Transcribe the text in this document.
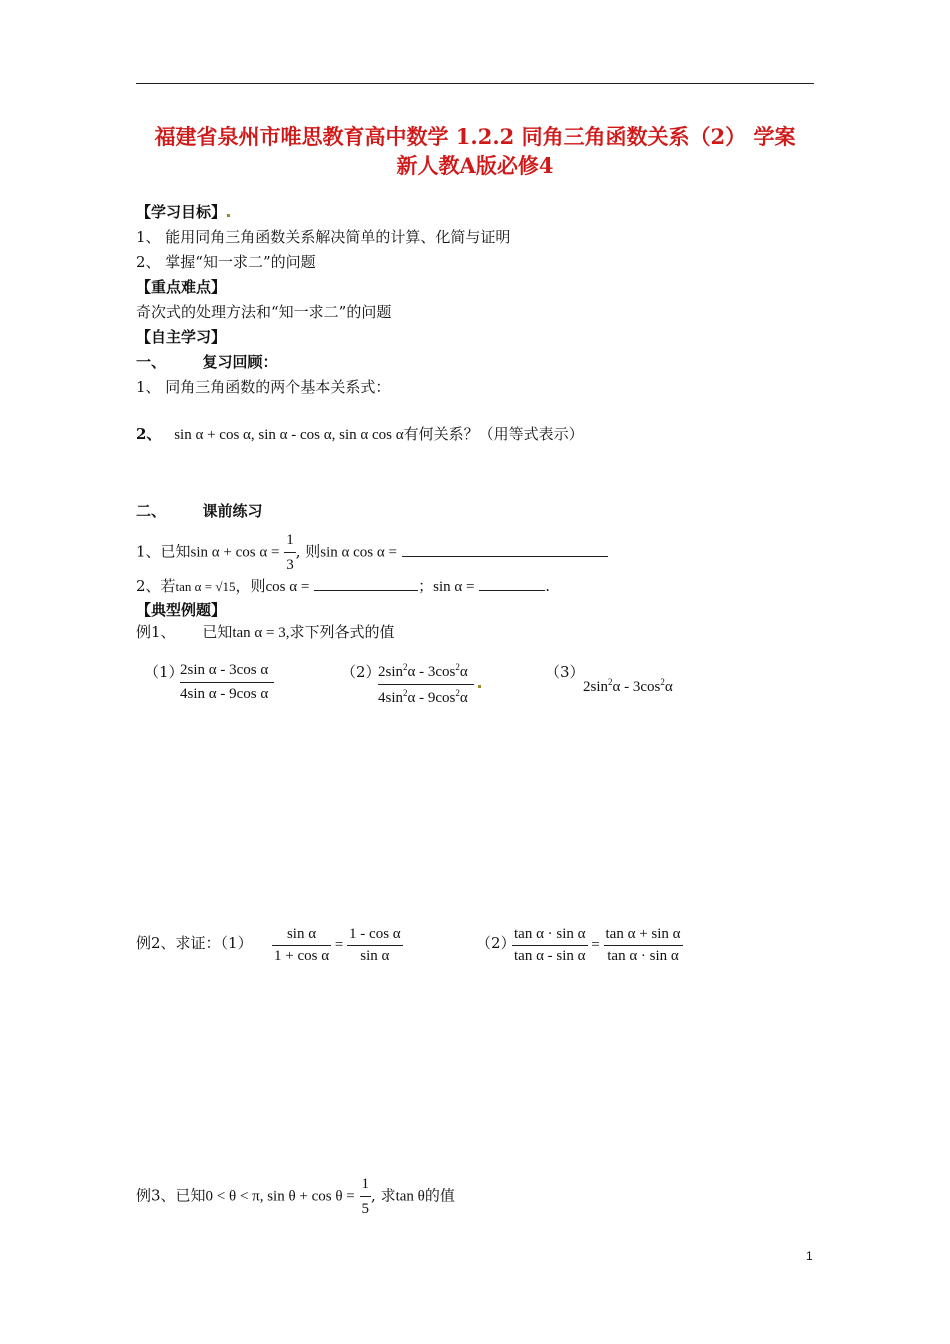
福建省泉州市唯思教育高中数学 1.2.2 同角三角函数关系（2） 学案
新人教A版必修4
【学习目标】
1、 能用同角三角函数关系解决简单的计算、化简与证明
2、 掌握“知一求二”的问题
【重点难点】
奇次式的处理方法和“知一求二”的问题
【自主学习】
一、       复习回顾：
1、 同角三角函数的两个基本关系式：
2、 sin α + cos α, sin α - cos α, sin α cos α有何关系？（用等式表示）
二、       课前练习
1、已知$\sin \alpha + \cos \alpha = \frac{1}{3}$ , 则sin α cos α =
2、若tan α = √15，则cos α =	；sin α =	.
【典型例题】
例1、 已知tan α = 3,求下列各式的值
（1）
$\frac{\text{2sin α - 3cos α}}{\text{4sin α - 9cos α}}$	（2）
$\frac{2\sin^2\alpha - 3\cos^2\alpha}{4\sin^2\alpha - 9\cos^2\alpha}$
	（3）
$2\sin^2\alpha - 3\cos^2\alpha$
例2、求证：$(1) \frac{\text{sin α}}{\text{1 + cos α}} = \frac{\text{1 - cos α}}{\text{sin α}}$	（2）
$\frac{\text{tan α · sin α}}{\text{tan α - sin α}} = \frac{\text{tan α + sin α}}{\text{tan α · sin α}}$
例3、已知0 < θ < π, $\sin \theta + \cos \theta = \frac{1}{5}$ , 求tan θ的值
1
